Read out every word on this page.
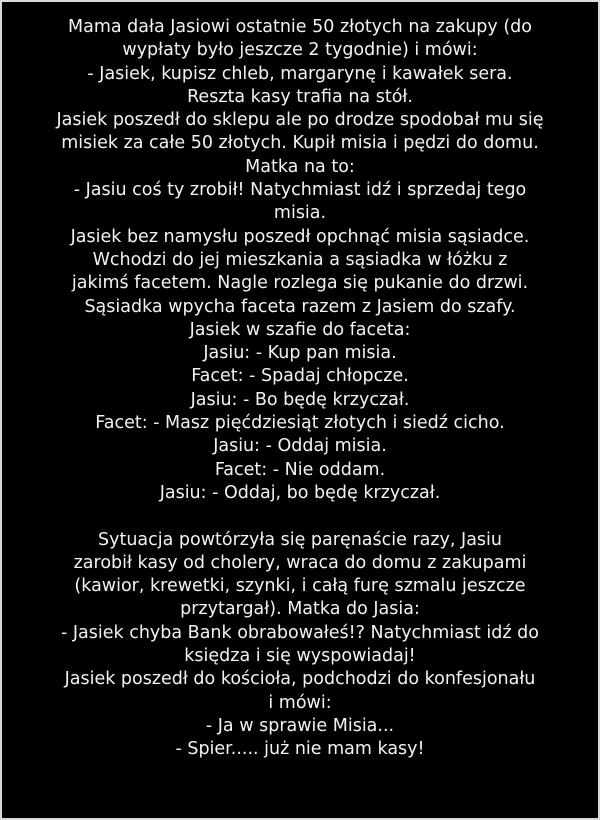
Mama dała Jasiowi ostatnie 50 złotych na zakupy (do
wypłaty było jeszcze 2 tygodnie) i mówi:
- Jasiek, kupisz chleb, margarynę i kawałek sera.
Reszta kasy trafia na stół.
Jasiek poszedł do sklepu ale po drodze spodobał mu się
misiek za całe 50 złotych. Kupił misia i pędzi do domu.
Matka na to:
- Jasiu coś ty zrobił! Natychmiast idź i sprzedaj tego
misia.
Jasiek bez namysłu poszedł opchnąć misia sąsiadce.
Wchodzi do jej mieszkania a sąsiadka w łóżku z
jakimś facetem. Nagle rozlega się pukanie do drzwi.
Sąsiadka wpycha faceta razem z Jasiem do szafy.
Jasiek w szafie do faceta:
Jasiu: - Kup pan misia.
Facet: - Spadaj chłopcze.
Jasiu: - Bo będę krzyczał.
Facet: - Masz pięćdziesiąt złotych i siedź cicho.
Jasiu: - Oddaj misia.
Facet: - Nie oddam.
Jasiu: - Oddaj, bo będę krzyczał.
Sytuacja powtórzyła się paręnaście razy, Jasiu
zarobił kasy od cholery, wraca do domu z zakupami
(kawior, krewetki, szynki, i całą furę szmalu jeszcze
przytargał). Matka do Jasia:
- Jasiek chyba Bank obrabowałeś!? Natychmiast idź do
księdza i się wyspowiadaj!
Jasiek poszedł do kościoła, podchodzi do konfesjonału
i mówi:
- Ja w sprawie Misia...
- Spier..... już nie mam kasy!
